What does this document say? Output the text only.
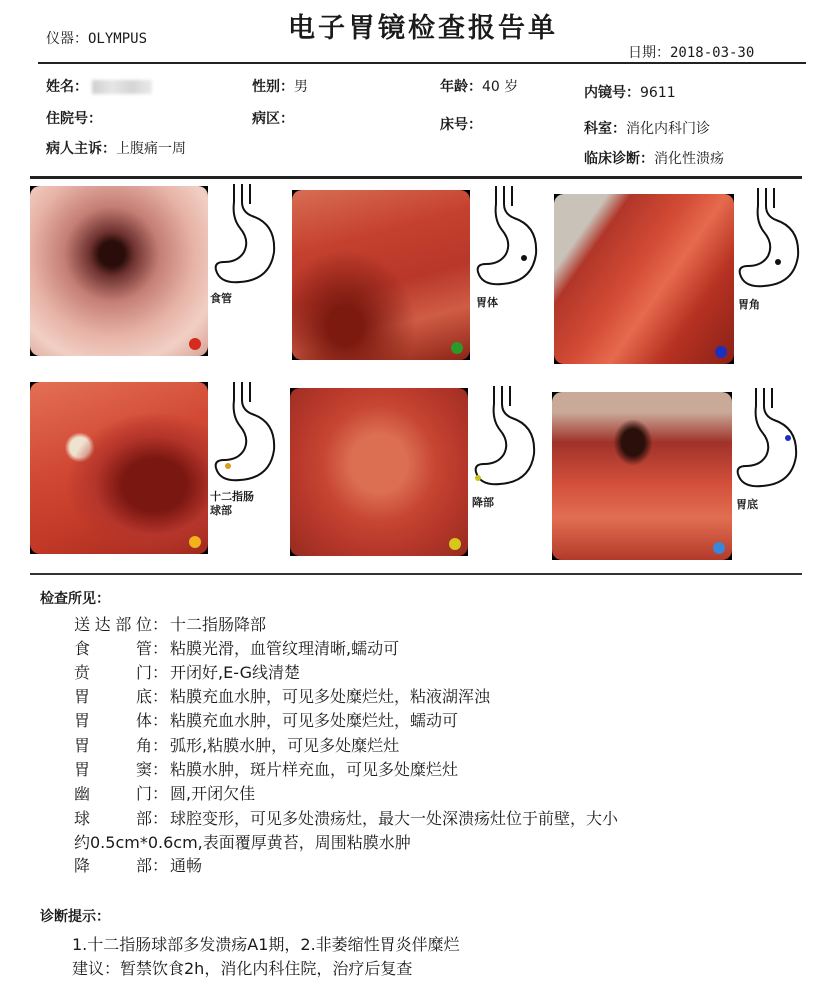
仪器：OLYMPUS	电子胃镜检查报告单
日期：2018-03-30
姓名：	性别：男	年龄：40 岁	内镜号：9611
住院号：	病区：	床号：	科室：消化内科门诊
病人主诉：上腹痛一周
临床诊断：消化性溃疡
食管	胃体	胃角
十二指肠
球部
降部	胃底
检查所见：
送达部位： 十二指肠降部
食管： 粘膜光滑，血管纹理清晰,蠕动可
贲门： 开闭好,E-G线清楚
胃底： 粘膜充血水肿，可见多处糜烂灶，粘液湖浑浊
胃体： 粘膜充血水肿，可见多处糜烂灶，蠕动可
胃角： 弧形,粘膜水肿，可见多处糜烂灶
胃窦： 粘膜水肿，斑片样充血，可见多处糜烂灶
幽门： 圆,开闭欠佳
球部： 球腔变形，可见多处溃疡灶，最大一处深溃疡灶位于前壁，大小
约0.5cm*0.6cm,表面覆厚黄苔，周围粘膜水肿
降部： 通畅
诊断提示：
1.十二指肠球部多发溃疡A1期，2.非萎缩性胃炎伴糜烂
建议：暂禁饮食2h，消化内科住院，治疗后复查
